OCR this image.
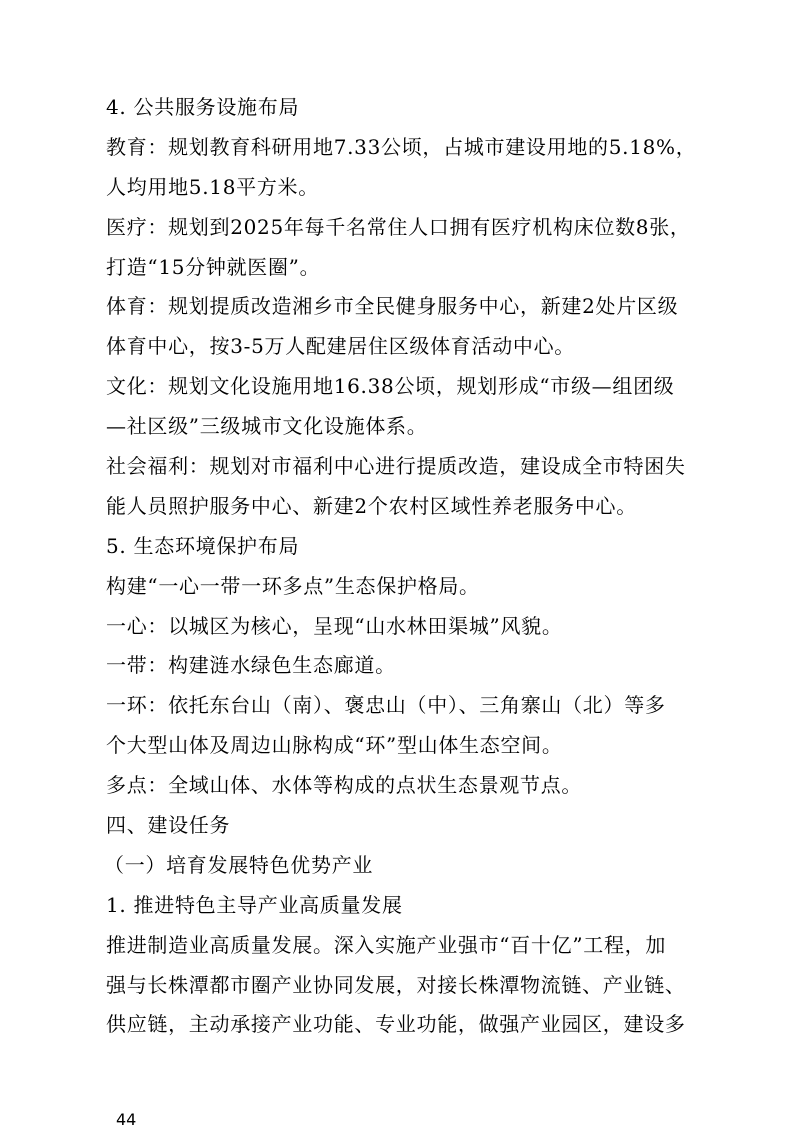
4. 公共服务设施布局
教育：规划教育科研用地7.33公顷，占城市建设用地的5.18%，
人均用地5.18平方米。
医疗：规划到2025年每千名常住人口拥有医疗机构床位数8张，
打造“15分钟就医圈”。
体育：规划提质改造湘乡市全民健身服务中心，新建2处片区级
体育中心，按3-5万人配建居住区级体育活动中心。
文化：规划文化设施用地16.38公顷，规划形成“市级—组团级
—社区级”三级城市文化设施体系。
社会福利：规划对市福利中心进行提质改造，建设成全市特困失
能人员照护服务中心、新建2个农村区域性养老服务中心。
5. 生态环境保护布局
构建“一心一带一环多点”生态保护格局。
一心：以城区为核心，呈现“山水林田渠城”风貌。
一带：构建涟水绿色生态廊道。
一环：依托东台山（南）、褒忠山（中）、三角寨山（北）等多
个大型山体及周边山脉构成“环”型山体生态空间。
多点：全域山体、水体等构成的点状生态景观节点。
四、建设任务
（一）培育发展特色优势产业
1. 推进特色主导产业高质量发展
推进制造业高质量发展。深入实施产业强市“百十亿”工程，加
强与长株潭都市圈产业协同发展，对接长株潭物流链、产业链、
供应链，主动承接产业功能、专业功能，做强产业园区，建设多
44
